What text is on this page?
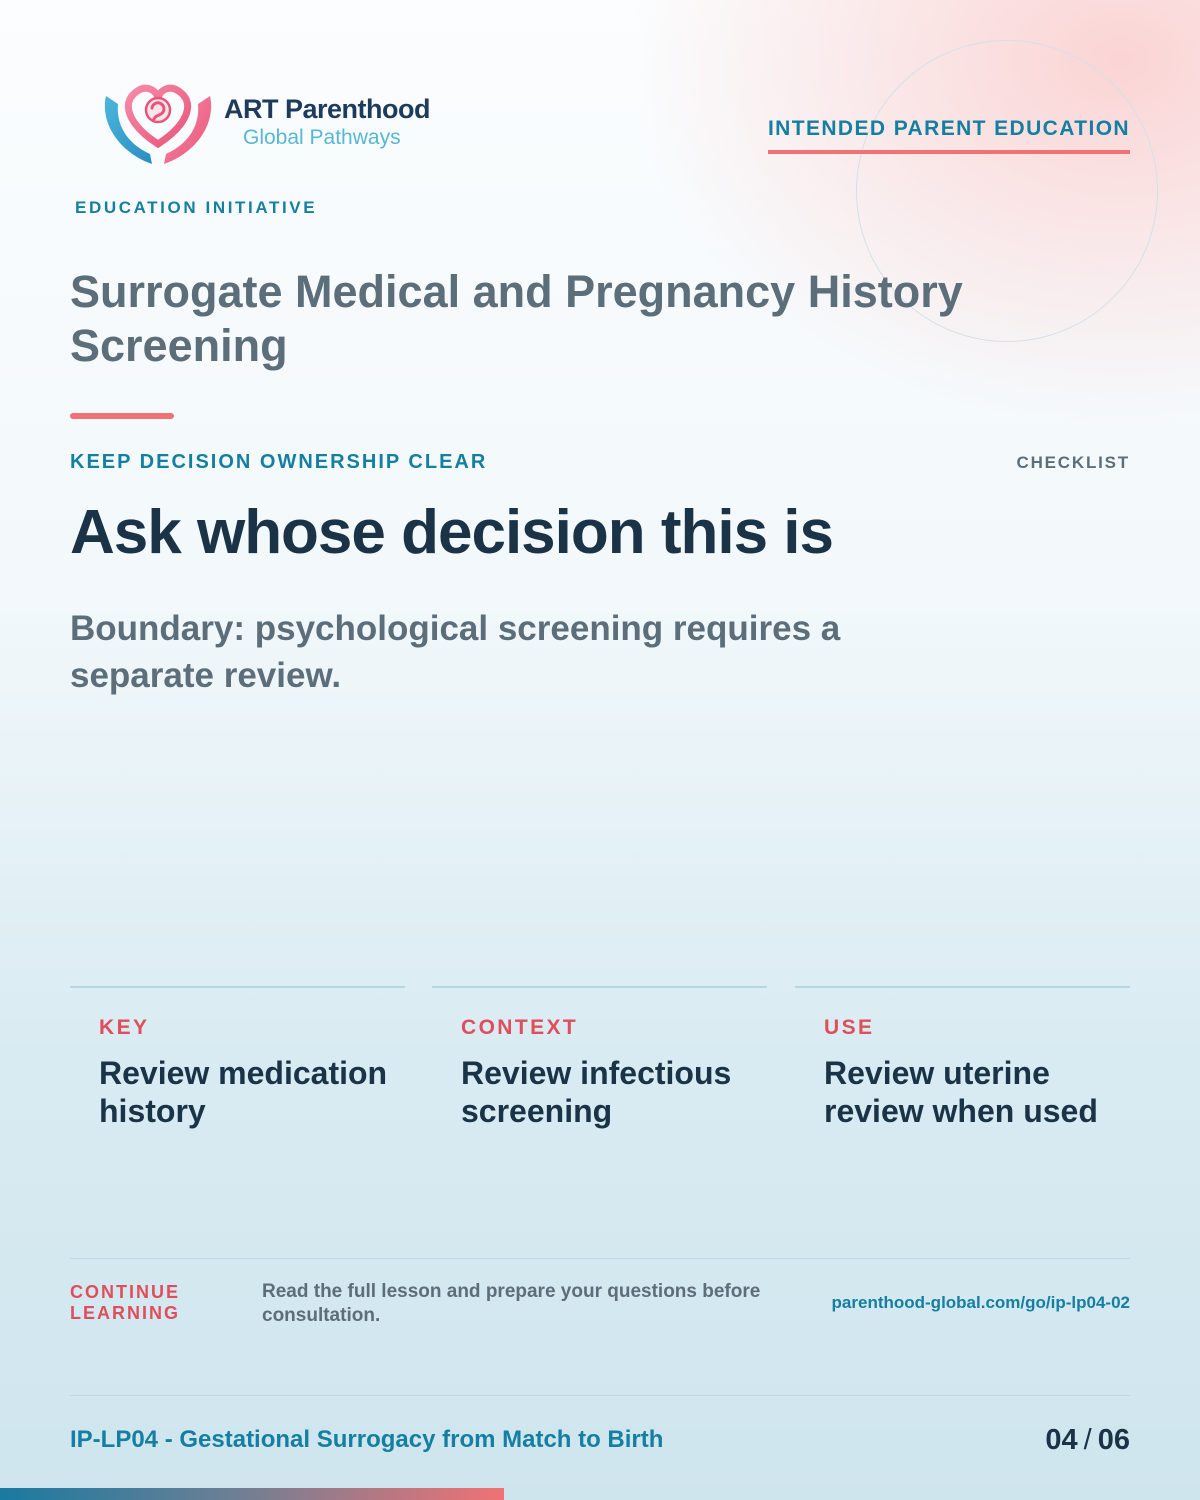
ART Parenthood
Global Pathways	INTENDED PARENT EDUCATION
EDUCATION INITIATIVE
Surrogate Medical and Pregnancy History Screening
KEEP DECISION OWNERSHIP CLEAR	CHECKLIST
Ask whose decision this is

Boundary: psychological screening requires a separate review.

KEY
Review medication history
CONTEXT
Review infectious screening
USE
Review uterine review when used
CONTINUE LEARNING
Read the full lesson and prepare your questions before consultation.
parenthood-global.com/go/ip-lp04-02
IP-LP04 - Gestational Surrogacy from Match to Birth	04 / 06
